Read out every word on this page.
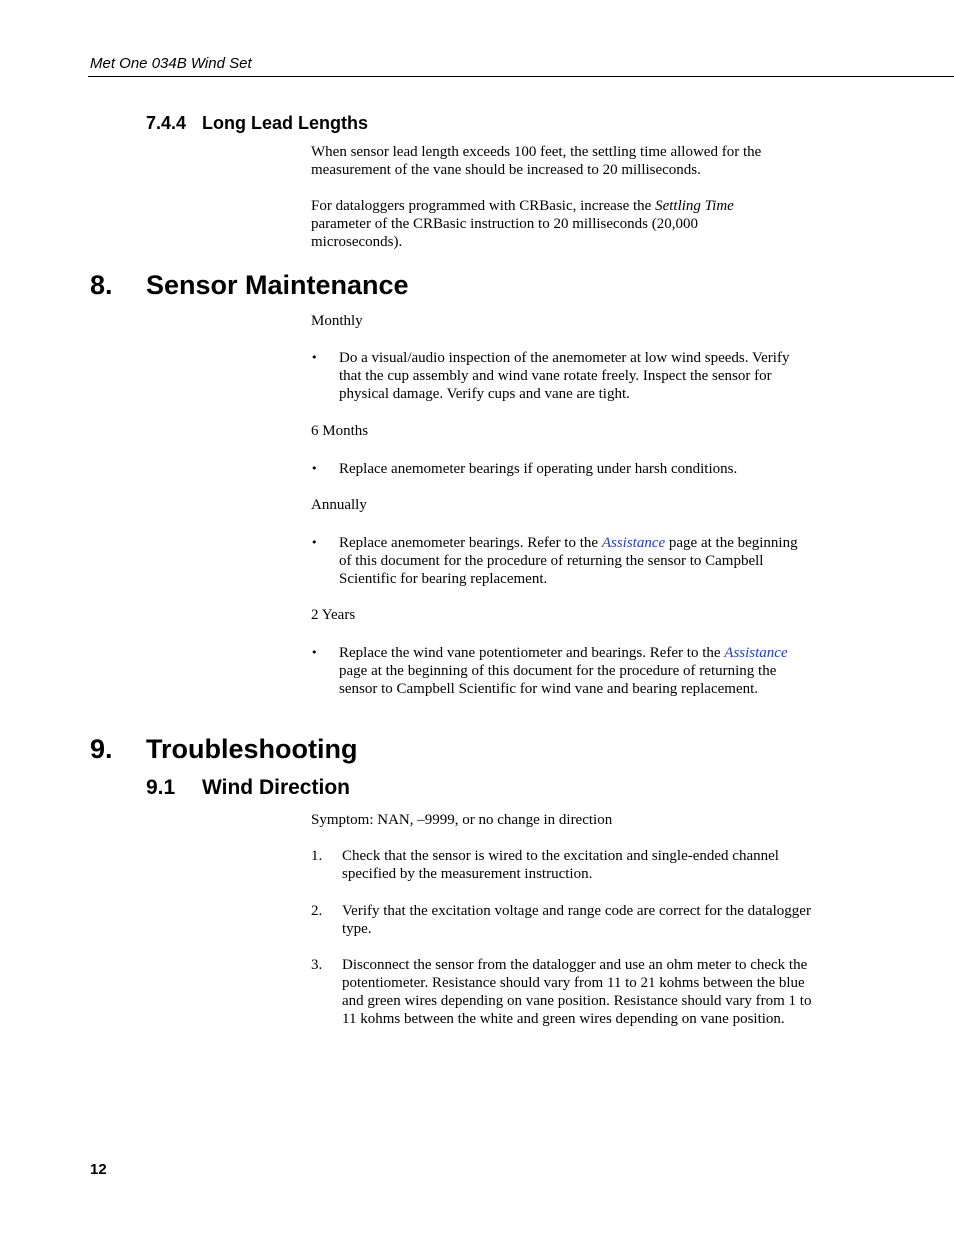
Met One 034B Wind Set
7.4.4 Long Lead Lengths

When sensor lead length exceeds 100 feet, the settling time allowed for the measurement of the vane should be increased to 20 milliseconds.

For dataloggers programmed with CRBasic, increase the Settling Time parameter of the CRBasic instruction to 20 milliseconds (20,000 microseconds).

8. Sensor Maintenance

Monthly

• Do a visual/audio inspection of the anemometer at low wind speeds. Verify that the cup assembly and wind vane rotate freely. Inspect the sensor for physical damage. Verify cups and vane are tight.

6 Months

• Replace anemometer bearings if operating under harsh conditions.

Annually

• Replace anemometer bearings. Refer to the Assistance page at the beginning of this document for the procedure of returning the sensor to Campbell Scientific for bearing replacement.

2 Years

• Replace the wind vane potentiometer and bearings. Refer to the Assistance page at the beginning of this document for the procedure of returning the sensor to Campbell Scientific for wind vane and bearing replacement.

9. Troubleshooting
9.1 Wind Direction

Symptom: NAN, –9999, or no change in direction

1. Check that the sensor is wired to the excitation and single-ended channel specified by the measurement instruction.

2. Verify that the excitation voltage and range code are correct for the datalogger type.

3. Disconnect the sensor from the datalogger and use an ohm meter to check the potentiometer. Resistance should vary from 11 to 21 kohms between the blue and green wires depending on vane position. Resistance should vary from 1 to 11 kohms between the white and green wires depending on vane position.

12
